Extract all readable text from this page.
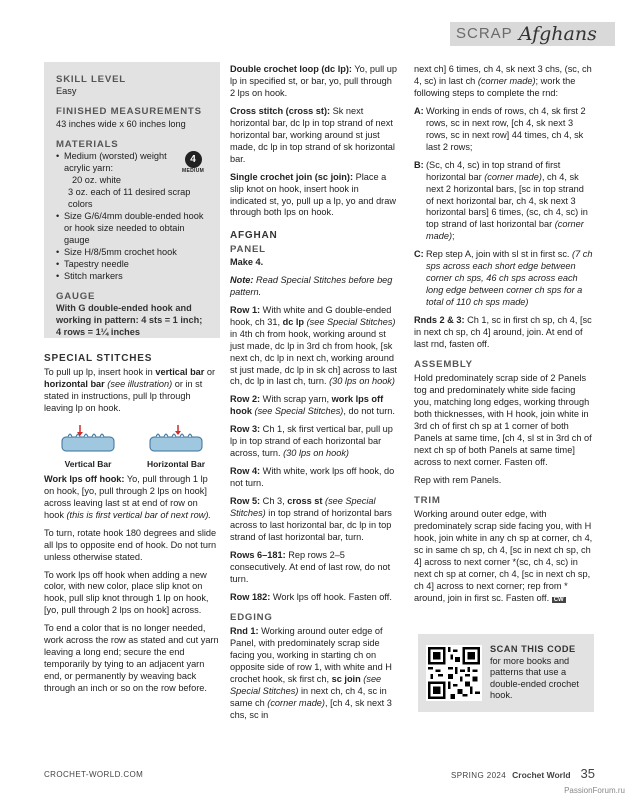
SCRAP Afghans
SKILL LEVEL
Easy
FINISHED MEASUREMENTS
43 inches wide x 60 inches long
MATERIALS
4
MEDIUM
• Medium (worsted) weight
acrylic yarn:
20 oz. white
3 oz. each of 11 desired scrap colors
• Size G/6/4mm double-ended hook or hook size needed to obtain gauge
• Size H/8/5mm crochet hook
• Tapestry needle
• Stitch markers
GAUGE
With G double-ended hook and working in pattern: 4 sts = 1 inch; 4 rows = 1¼ inches
SPECIAL STITCHES

To pull up lp, insert hook in vertical bar or horizontal bar (see illustration) or in st stated in instructions, pull lp through leaving lp on hook.

Vertical Bar	Horizontal Bar

Work lps off hook: Yo, pull through 1 lp on hook, [yo, pull through 2 lps on hook] across leaving last st at end of row on hook (this is first vertical bar of next row).

To turn, rotate hook 180 degrees and slide all lps to opposite end of hook. Do not turn unless otherwise stated.

To work lps off hook when adding a new color, with new color, place slip knot on hook, pull slip knot through 1 lp on hook, [yo, pull through 2 lps on hook] across.

To end a color that is no longer needed, work across the row as stated and cut yarn leaving a long end; secure the end temporarily by tying to an adjacent yarn end, or permanently by weaving back through an inch or so on the row before.

Double crochet loop (dc lp): Yo, pull up lp in specified st, or bar, yo, pull through 2 lps on hook.

Cross stitch (cross st): Sk next horizontal bar, dc lp in top strand of next horizontal bar, working around st just made, dc lp in top strand of sk horizontal bar.

Single crochet join (sc join): Place a slip knot on hook, insert hook in indicated st, yo, pull up a lp, yo and draw through both lps on hook.

AFGHAN
PANEL
Make 4.

Note: Read Special Stitches before beg pattern.

Row 1: With white and G double-ended hook, ch 31, dc lp (see Special Stitches) in 4th ch from hook, working around st just made, dc lp in 3rd ch from hook, [sk next ch, dc lp in next ch, working around st just made, dc lp in sk ch] across to last ch, dc lp in last ch, turn. (30 lps on hook)

Row 2: With scrap yarn, work lps off hook (see Special Stitches), do not turn.

Row 3: Ch 1, sk first vertical bar, pull up lp in top strand of each horizontal bar across, turn. (30 lps on hook)

Row 4: With white, work lps off hook, do not turn.

Row 5: Ch 3, cross st (see Special Stitches) in top strand of horizontal bars across to last horizontal bar, dc lp in top strand of last horizontal bar, turn.

Rows 6–181: Rep rows 2–5 consecutively. At end of last row, do not turn.

Row 182: Work lps off hook. Fasten off.

EDGING

Rnd 1: Working around outer edge of Panel, with predominately scrap side facing you, working in starting ch on opposite side of row 1, with white and H crochet hook, sk first ch, sc join (see Special Stitches) in next ch, ch 4, sc in same ch (corner made), [ch 4, sk next 3 chs, sc in

next ch] 6 times, ch 4, sk next 3 chs, (sc, ch 4, sc) in last ch (corner made); work the following steps to complete the rnd:

A: Working in ends of rows, ch 4, sk first 2 rows, sc in next row, [ch 4, sk next 3 rows, sc in next row] 44 times, ch 4, sk last 2 rows;
B: (Sc, ch 4, sc) in top strand of first horizontal bar (corner made), ch 4, sk next 2 horizontal bars, [sc in top strand of next horizontal bar, ch 4, sk next 3 horizontal bars] 6 times, (sc, ch 4, sc) in top strand of last horizontal bar (corner made);
C: Rep step A, join with sl st in first sc. (7 ch sps across each short edge between corner ch sps, 46 ch sps across each long edge between corner ch sps for a total of 110 ch sps made)

Rnds 2 & 3: Ch 1, sc in first ch sp, ch 4, [sc in next ch sp, ch 4] around, join. At end of last rnd, fasten off.

ASSEMBLY

Hold predominately scrap side of 2 Panels tog and predominately white side facing you, matching long edges, working through both thicknesses, with H hook, join white in 3rd ch of first ch sp at 1 corner of both Panels at same time, [ch 4, sl st in 3rd ch of next ch sp of both Panels at same time] across to next corner. Fasten off.

Rep with rem Panels.

TRIM

Working around outer edge, with predominately scrap side facing you, with H hook, join white in any ch sp at corner, ch 4, sc in same ch sp, ch 4, [sc in next ch sp, ch 4] across to next corner *(sc, ch 4, sc) in next ch sp at corner, ch 4, [sc in next ch sp, ch 4] across to next corner; rep from * around, join in first sc. Fasten off. CW

SCAN THIS CODE
for more books and patterns that use a double-ended crochet hook.
CROCHET-WORLD.COM	SPRING 2024 Crochet World 35
PassionForum.ru
